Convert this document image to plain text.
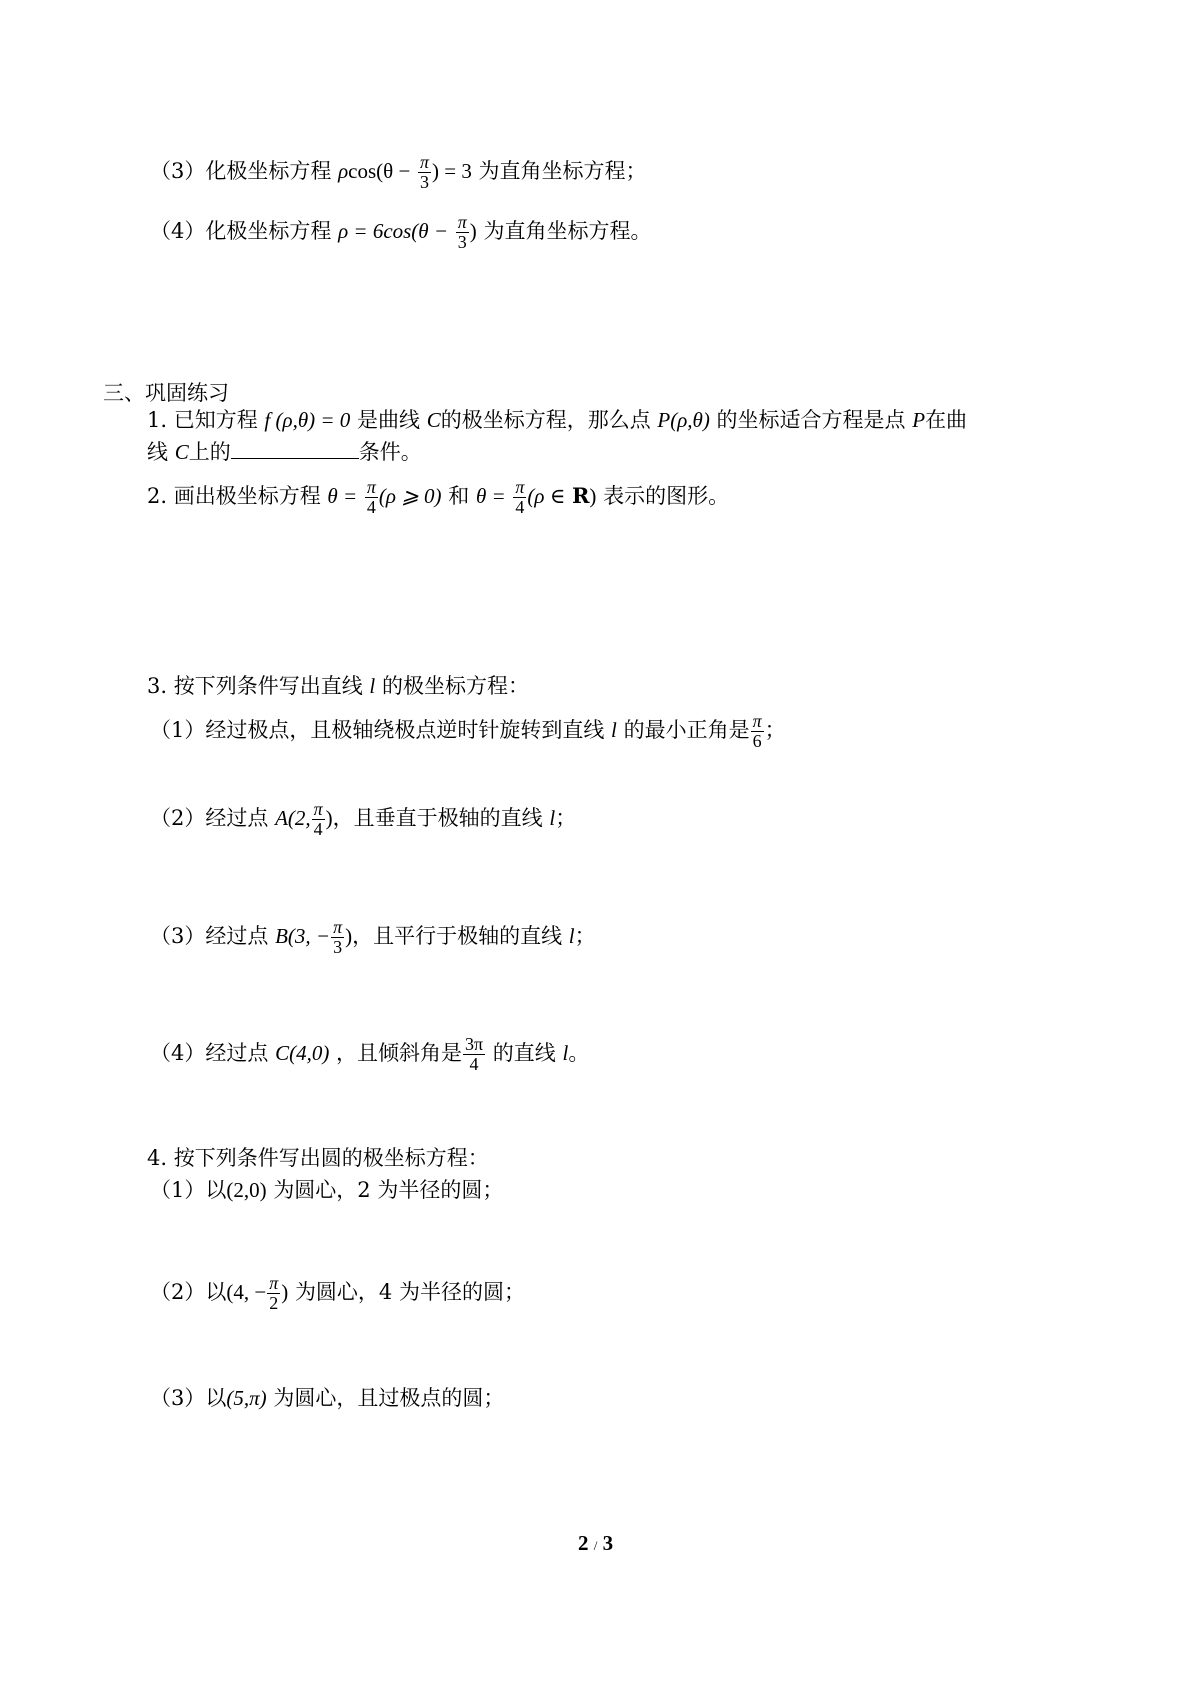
（3）化极坐标方程 $\rho\cos(\theta - \frac{\pi}{3}$ ) = 3 为直角坐标方程；
（4）化极坐标方程 $\rho = 6\cos(\theta - \frac{\pi}{3}$ ) 为直角坐标方程。
三、巩固练习
1. 已知方程 f (ρ,θ) = 0 是曲线 C的极坐标方程，那么点 P(ρ,θ) 的坐标适合方程是点 P在曲
线 C上的	条件。
2. 画出极坐标方程 $\theta = \frac{\pi}{4} (\rho$ ⩾ 0) 和 $\theta = \frac{\pi}{4} (\rho$ ∈ R) 表示的图形。
3. 按下列条件写出直线 l 的极坐标方程：
（1）经过极点，且极轴绕极点逆时针旋转到直线 l 的最小正角是 $\frac{\pi}{6}$ ；
（2）经过点 A(2, $\frac{\pi}{4}$ )，且垂直于极轴的直线 l；
（3）经过点 B(3, − $\frac{\pi}{3}$ )，且平行于极轴的直线 l；
（4）经过点 C(4,0) ，且倾斜角是 $\frac{3\pi}{4}$ 的直线 l。
4. 按下列条件写出圆的极坐标方程：
（1）以(2,0) 为圆心，2 为半径的圆；
（2）以(4, − $\frac{\pi}{2}$ ) 为圆心，4 为半径的圆；
（3）以(5,π) 为圆心，且过极点的圆；
2 / 3
